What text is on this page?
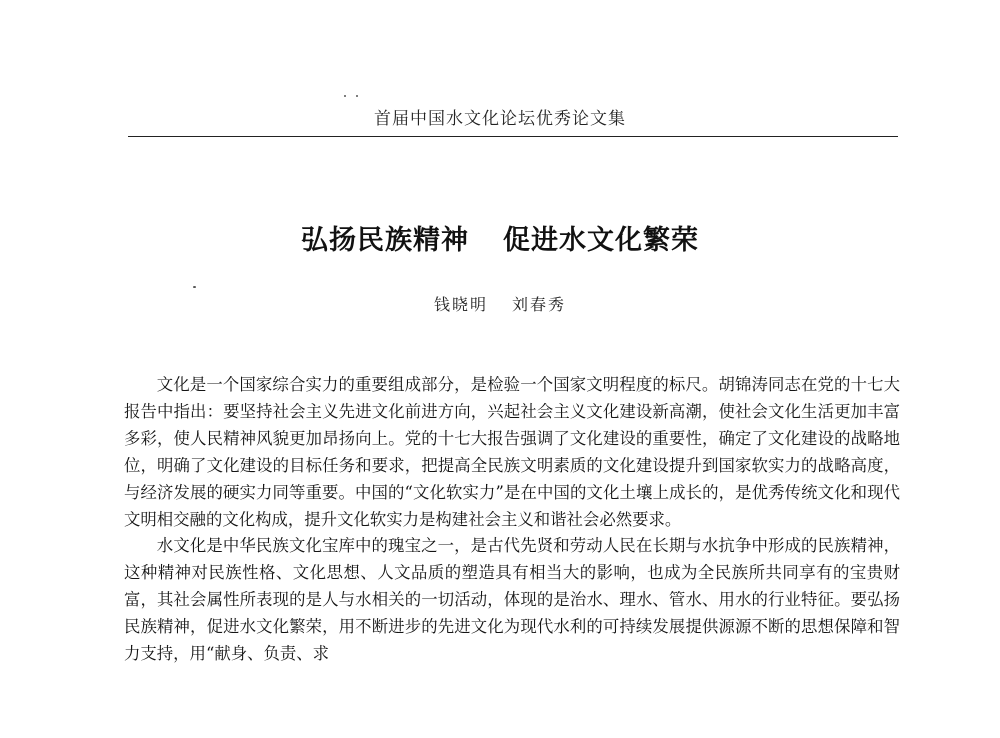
首届中国水文化论坛优秀论文集
弘扬民族精神 促进水文化繁荣
钱晓明 刘春秀

文化是一个国家综合实力的重要组成部分，是检验一个国家文明程度的标尺。胡锦涛同志在党的十七大报告中指出：要坚持社会主义先进文化前进方向，兴起社会主义文化建设新高潮，使社会文化生活更加丰富多彩，使人民精神风貌更加昂扬向上。党的十七大报告强调了文化建设的重要性，确定了文化建设的战略地位，明确了文化建设的目标任务和要求，把提高全民族文明素质的文化建设提升到国家软实力的战略高度，与经济发展的硬实力同等重要。中国的“文化软实力”是在中国的文化土壤上成长的，是优秀传统文化和现代文明相交融的文化构成，提升文化软实力是构建社会主义和谐社会必然要求。

水文化是中华民族文化宝库中的瑰宝之一，是古代先贤和劳动人民在长期与水抗争中形成的民族精神，这种精神对民族性格、文化思想、人文品质的塑造具有相当大的影响，也成为全民族所共同享有的宝贵财富，其社会属性所表现的是人与水相关的一切活动，体现的是治水、理水、管水、用水的行业特征。要弘扬民族精神，促进水文化繁荣，用不断进步的先进文化为现代水利的可持续发展提供源源不断的思想保障和智力支持，用“献身、负责、求
